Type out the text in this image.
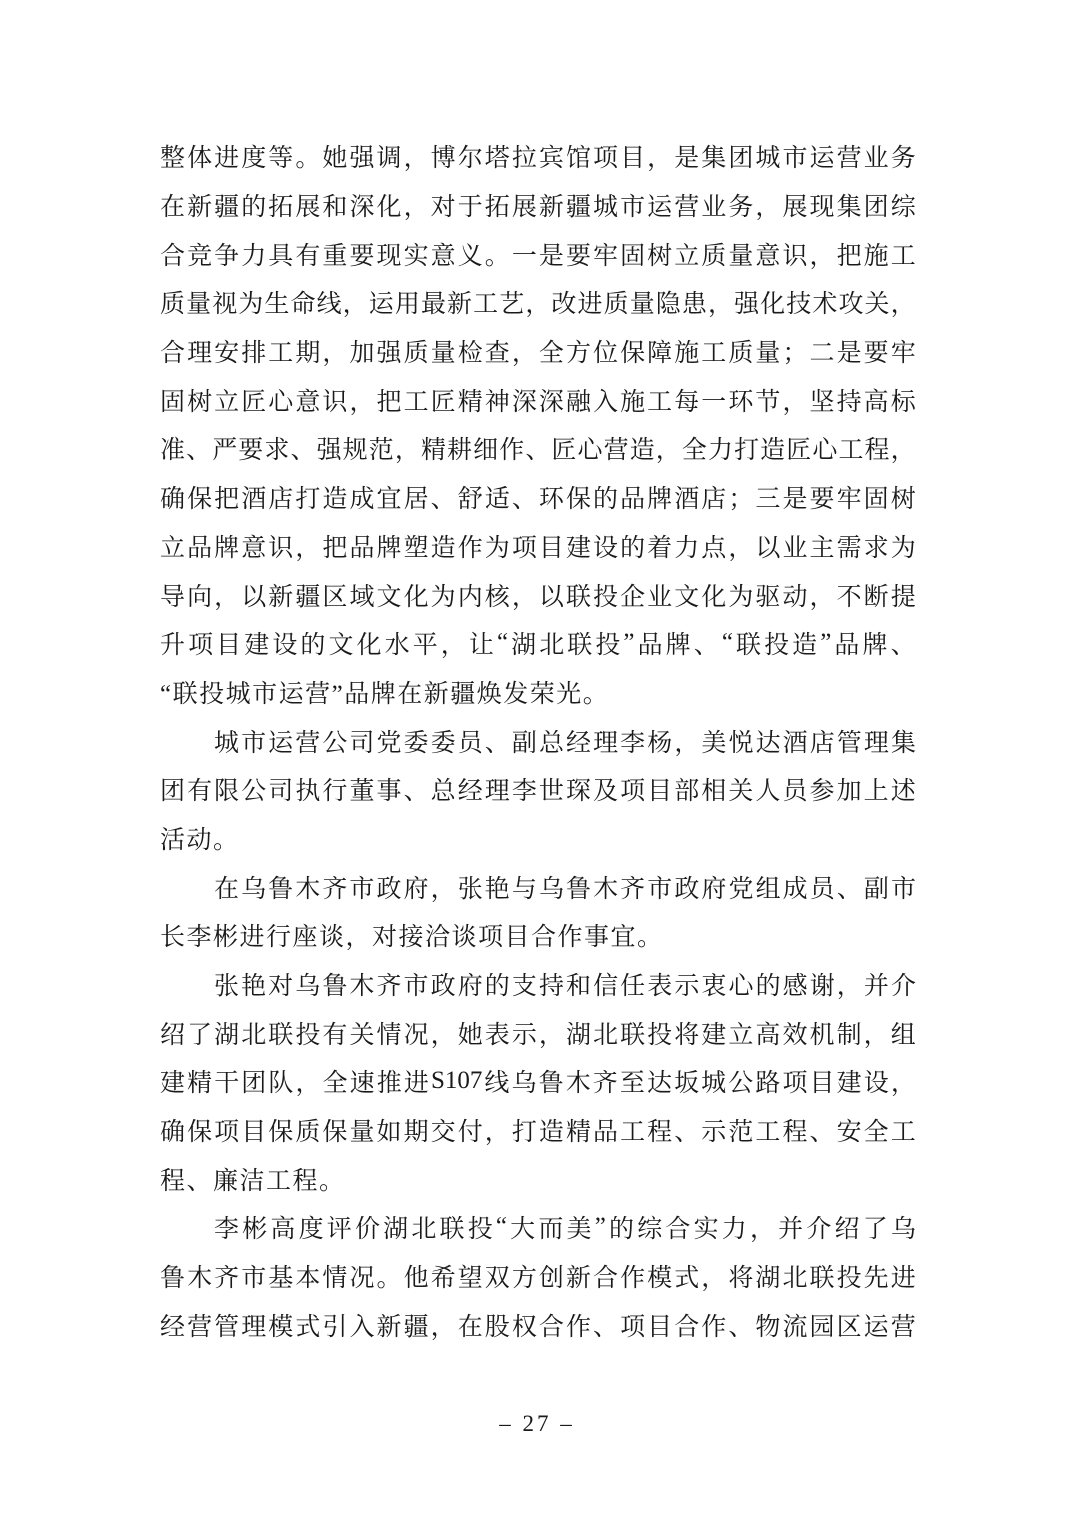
整 体 进 度 等 。 她 强 调 ， 博 尔 塔 拉 宾 馆 项 目 ， 是 集 团 城 市 运 营 业 务
在 新 疆 的 拓 展 和 深 化 ， 对 于 拓 展 新 疆 城 市 运 营 业 务 ， 展 现 集 团 综
合 竞 争 力 具 有 重 要 现 实 意 义 。 一 是 要 牢 固 树 立 质 量 意 识 ， 把 施 工
质 量 视 为 生 命 线 ， 运 用 最 新 工 艺 ， 改 进 质 量 隐 患 ， 强 化 技 术 攻 关 ，
合 理 安 排 工 期 ， 加 强 质 量 检 查 ， 全 方 位 保 障 施 工 质 量 ； 二 是 要 牢
固 树 立 匠 心 意 识 ， 把 工 匠 精 神 深 深 融 入 施 工 每 一 环 节 ， 坚 持 高 标
准 、 严 要 求 、 强 规 范 ， 精 耕 细 作 、 匠 心 营 造 ， 全 力 打 造 匠 心 工 程 ，
确 保 把 酒 店 打 造 成 宜 居 、 舒 适 、 环 保 的 品 牌 酒 店 ； 三 是 要 牢 固 树
立 品 牌 意 识 ， 把 品 牌 塑 造 作 为 项 目 建 设 的 着 力 点 ， 以 业 主 需 求 为
导 向 ， 以 新 疆 区 域 文 化 为 内 核 ， 以 联 投 企 业 文 化 为 驱 动 ， 不 断 提
升 项 目 建 设 的 文 化 水 平 ， 让 “ 湖 北 联 投 ” 品 牌 、 “ 联 投 造 ” 品 牌 、
“联投城市运营”品牌在新疆焕发荣光。
城 市 运 营 公 司 党 委 委 员 、 副 总 经 理 李 杨 ， 美 悦 达 酒 店 管 理 集
团 有 限 公 司 执 行 董 事 、 总 经 理 李 世 琛 及 项 目 部 相 关 人 员 参 加 上 述
活动。
在 乌 鲁 木 齐 市 政 府 ， 张 艳 与 乌 鲁 木 齐 市 政 府 党 组 成 员 、 副 市
长李彬进行座谈，对接洽谈项目合作事宜。
张 艳 对 乌 鲁 木 齐 市 政 府 的 支 持 和 信 任 表 示 衷 心 的 感 谢 ， 并 介
绍 了 湖 北 联 投 有 关 情 况 ， 她 表 示 ， 湖 北 联 投 将 建 立 高 效 机 制 ， 组
建 精 干 团 队 ， 全 速 推 进 S107 线 乌 鲁 木 齐 至 达 坂 城 公 路 项 目 建 设 ，
确 保 项 目 保 质 保 量 如 期 交 付 ， 打 造 精 品 工 程 、 示 范 工 程 、 安 全 工
程、廉洁工程。
李 彬 高 度 评 价 湖 北 联 投 “ 大 而 美 ” 的 综 合 实 力 ， 并 介 绍 了 乌
鲁 木 齐 市 基 本 情 况 。 他 希 望 双 方 创 新 合 作 模 式 ， 将 湖 北 联 投 先 进
经 营 管 理 模 式 引 入 新 疆 ， 在 股 权 合 作 、 项 目 合 作 、 物 流 园 区 运 营
– 27 –
